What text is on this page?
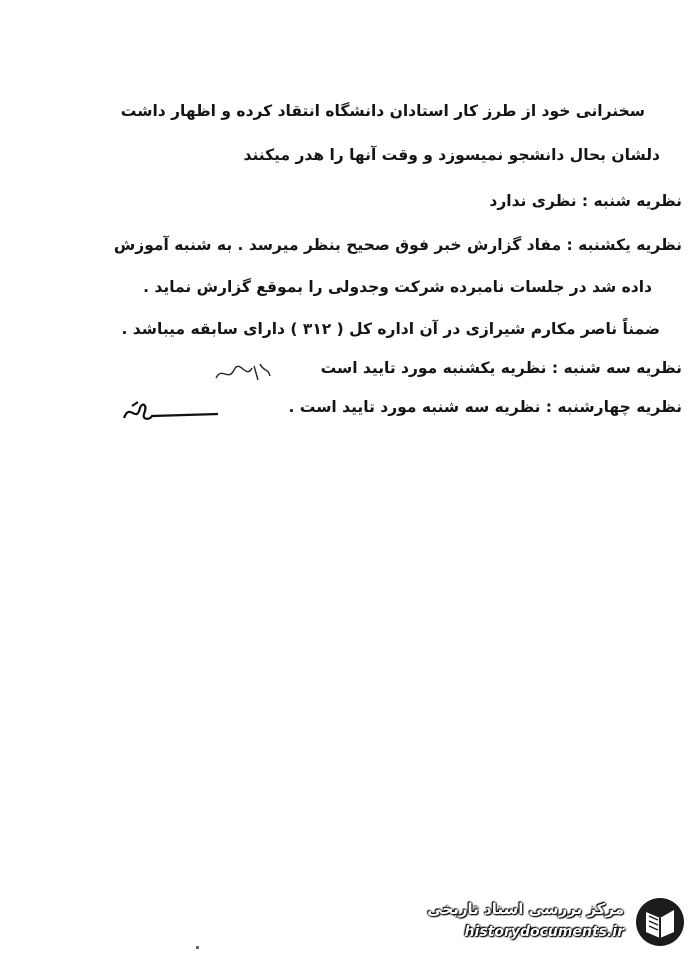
سخنرانی خود از طرز کار استادان دانشگاه انتقاد کرده و اظهار داشت
دلشان بحال دانشجو نمیسوزد و وقت آنها را هدر میکنند
نظریه شنبه : نظری ندارد
نظریه یکشنبه : مفاد گزارش خبر فوق صحیح بنظر میرسد . به شنبه آموزش
داده شد در جلسات نامبرده شرکت وجدولی را بموقع گزارش نماید .
ضمناً ناصر مکارم شیرازی در آن اداره کل ( ۳۱۲ ) دارای سابقه میباشد .
نظریه سه شنبه : نظریه یکشنبه مورد تایید است
نظریه چهارشنبه : نظریه سه شنبه مورد تایید است .
مرکز بررسی اسناد تاریخی
historydocuments.ir
